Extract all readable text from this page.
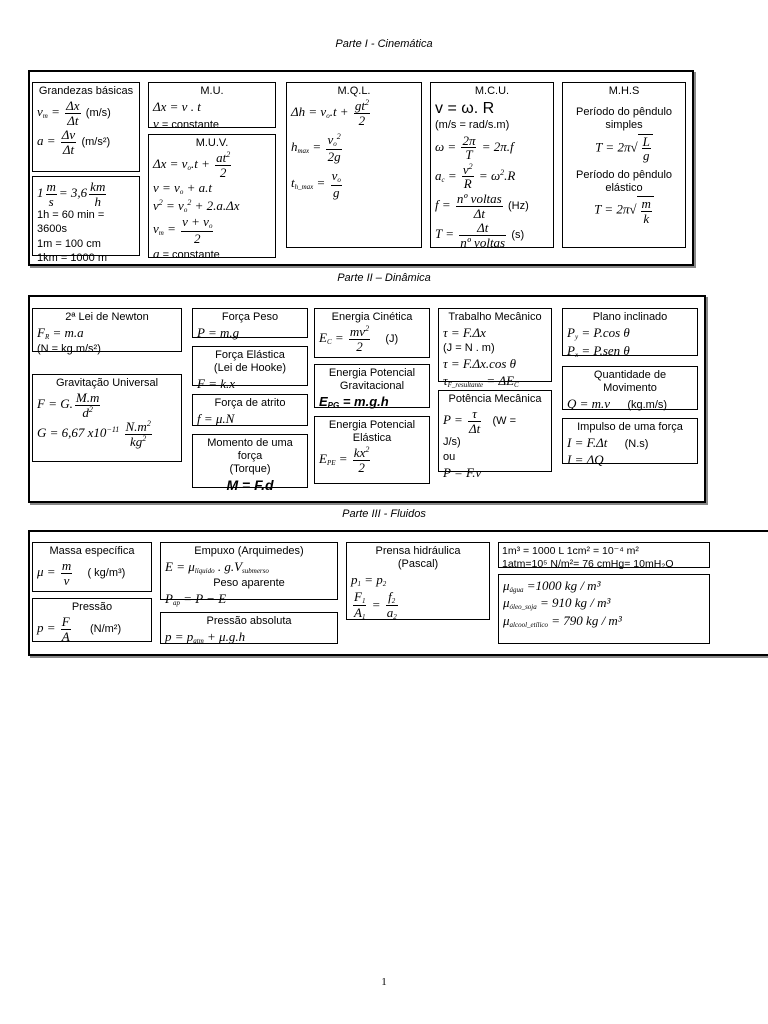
Parte I - Cinemática
Grandezas básicas
$v_m = \frac{\Delta x}{\Delta t} (m/s)$
$a = \frac{\Delta v}{\Delta t} (m/s^2)$
$1 \frac{m}{s} = 3,6 \frac{km}{h}$
1h = 60 min =
3600s
1m = 100 cm
1km = 1000 m
M.U.
Δx = v . t
v = constante
M.U.V.
$\Delta x = v_o.t + \frac{at^2}{2}$
$v = v_o + a.t$
$v^2 = v_o^2 + 2.a.\Delta x$
$v_m = \frac{v + v_o}{2}$
a = constante
M.Q.L.
$\Delta h = v_o.t + \frac{gt^2}{2}$
$h_{max} = \frac{v_o^2}{2g}$
$t_{h\_max} = \frac{v_o}{g}$
M.C.U.
v = ω. R
(m/s = rad/s.m)
$\omega = \frac{2\pi}{T} = 2\pi.f$
$a_c = \frac{v^2}{R} = \omega^2.R$
$f = \frac{\text{nº voltas}}{\Delta t} (Hz)$
$T = \frac{\Delta t}{\text{nº voltas}} (s)$
M.H.S
Período do pêndulo simples
$T = 2\pi√ \frac{L}{g}$
Período do pêndulo elástico
$T = 2\pi√ \frac{m}{k}$
Parte II – Dinâmica
2ª Lei de Newton
$F_R = m.a$
(N = kg.m/s²)
Gravitação Universal
F = G. $\frac{M.m}{d^2}$
G = 6,67 $x10^{-11} \frac{N.m^2}{kg^2}$
Força Peso
P = m.g
Força Elástica
(Lei de Hooke)
F = k.x
Força de atrito
f = μ.N
Momento de uma força
(Torque)
M = F.d
Energia Cinética
$E_C = \frac{mv^2}{2} (J)$
Energia Potencial Gravitacional
EPG = m.g.h
Energia Potencial Elástica
$E_{PE} = \frac{kx^2}{2}$
Trabalho Mecânico
τ = F.Δx
(J = N . m)
τ = F.Δx.cos θ
$\tau_{F\_resultante} = \Delta E_C$
Potência Mecânica
$P = \frac{\tau}{\Delta t} (W$ =
J/s)
ou
P = F.v
Plano inclinado
$P_y = P.\cos$ θ
$P_x = P.sen$ θ
Quantidade de Movimento
Q = m.v (kg.m/s)
Impulso de uma força
I = F.Δt (N.s)
I = ΔQ
Parte III - Fluidos
Massa específica
$\mu = \frac{m}{v}$ ( kg/m³)
Pressão
$p = \frac{F}{A} (N/m^2)$
Empuxo (Arquimedes)
$E = \mu_{líquido}$ . $g.V_{submerso}$
Peso aparente
$P_{ap} = P - E$
Pressão absoluta
$p = p_{atm} + \mu.g.h$
Prensa hidráulica
(Pascal)
$p_1 = p_2$
$\frac{F_1}{A_1} = \frac{f_2}{a_2}$
1m³ = 1000 L 1cm² = 10⁻⁴ m²
1atm=10⁵ N/m²= 76 cmHg= 10mH₂O
$\mu_{água} =1000$ kg / m³
$\mu_{óleo\_soja} = 910$ kg / m³
$\mu_{alcool\_etílico} = 790$ kg / m³
1
